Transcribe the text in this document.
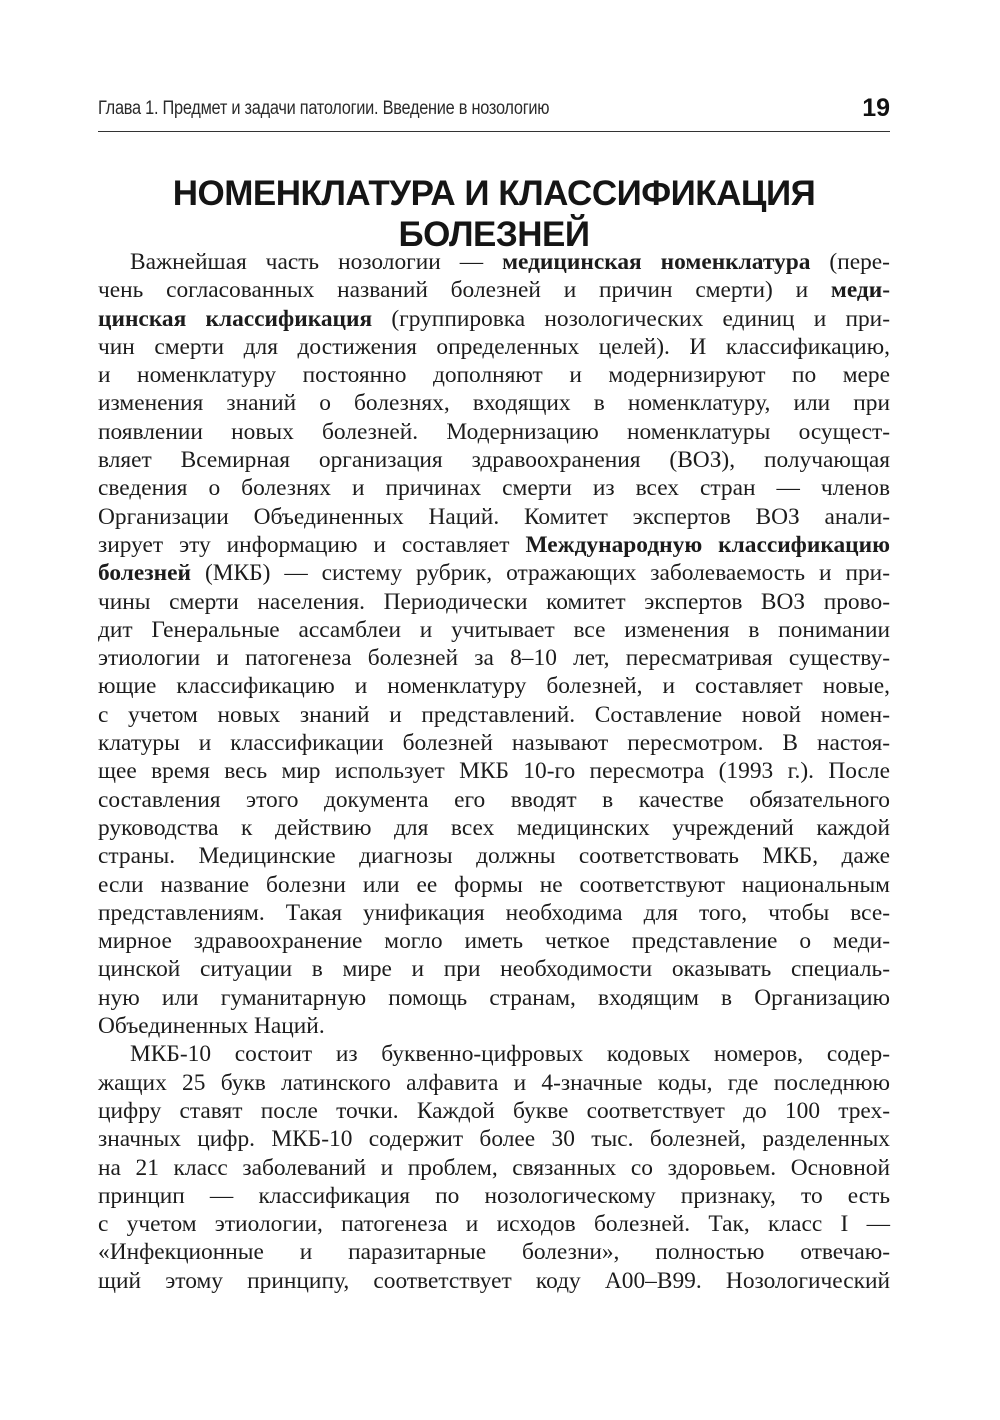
Глава 1. Предмет и задачи патологии. Введение в нозологию	19
НОМЕНКЛАТУРА И КЛАССИФИКАЦИЯ
БОЛЕЗНЕЙ

Важнейшая часть нозологии — медицинская номенклатура (пере-

чень согласованных названий болезней и причин смерти) и меди-

цинская классификация (группировка нозологических единиц и при-

чин смерти для достижения определенных целей). И классификацию,

и номенклатуру постоянно дополняют и модернизируют по мере

изменения знаний о болезнях, входящих в номенклатуру, или при

появлении новых болезней. Модернизацию номенклатуры осущест-

вляет Всемирная организация здравоохранения (ВОЗ), получающая

сведения о болезнях и причинах смерти из всех стран — членов

Организации Объединенных Наций. Комитет экспертов ВОЗ анали-

зирует эту информацию и составляет Международную классификацию

болезней (МКБ) — систему рубрик, отражающих заболеваемость и при-

чины смерти населения. Периодически комитет экспертов ВОЗ прово-

дит Генеральные ассамблеи и учитывает все изменения в понимании

этиологии и патогенеза болезней за 8–10 лет, пересматривая существу-

ющие классификацию и номенклатуру болезней, и составляет новые,

с учетом новых знаний и представлений. Составление новой номен-

клатуры и классификации болезней называют пересмотром. В настоя-

щее время весь мир использует МКБ 10-го пересмотра (1993 г.). После

составления этого документа его вводят в качестве обязательного

руководства к действию для всех медицинских учреждений каждой

страны. Медицинские диагнозы должны соответствовать МКБ, даже

если название болезни или ее формы не соответствуют национальным

представлениям. Такая унификация необходима для того, чтобы все-

мирное здравоохранение могло иметь четкое представление о меди-

цинской ситуации в мире и при необходимости оказывать специаль-

ную или гуманитарную помощь странам, входящим в Организацию

Объединенных Наций.

МКБ-10 состоит из буквенно-цифровых кодовых номеров, содер-

жащих 25 букв латинского алфавита и 4-значные коды, где последнюю

цифру ставят после точки. Каждой букве соответствует до 100 трех-

значных цифр. МКБ-10 содержит более 30 тыс. болезней, разделенных

на 21 класс заболеваний и проблем, связанных со здоровьем. Основной

принцип — классификация по нозологическому признаку, то есть

с учетом этиологии, патогенеза и исходов болезней. Так, класс I —

«Инфекционные и паразитарные болезни», полностью отвечаю-

щий этому принципу, соответствует коду A00–B99. Нозологический
